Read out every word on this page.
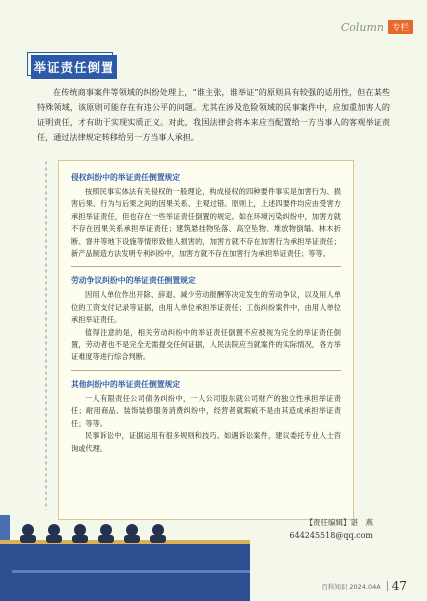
Column 专栏
举证责任倒置

在传统商事案件等领域的纠纷处理上，“谁主张，谁举证”的原则具有较强的适用性，但在某些特殊领域，该原则可能存在有违公平的问题。尤其在涉及危险领域的民事案件中，应加重加害人的证明责任，才有助于实现实质正义。对此，我国法律会将本来应当配置给一方当事人的客观举证责任，通过法律规定转移给另一方当事人承担。

侵权纠纷中的举证责任倒置规定

按照民事实体法有关侵权的一般理论，构成侵权的四种要件事实是加害行为、损害后果、行为与后果之间的因果关系、主观过错。原则上，上述四要件均应由受害方承担举证责任，但也存在一些举证责任倒置的规定。如在环境污染纠纷中，加害方就不存在因果关系承担举证责任；建筑悬挂物坠落、高空坠物、堆放物倒塌、林木折断、窨井等地下设施等情形致他人损害的，加害方就不存在加害行为承担举证责任；新产品制造方法发明专利纠纷中，加害方就不存在加害行为承担举证责任；等等。

劳动争议纠纷中的举证责任倒置规定

因用人单位作出开除、辞退、减少劳动报酬等决定发生的劳动争议，以及用人单位的工资支付记录等证据，由用人单位承担举证责任；工伤纠纷案件中，由用人单位承担举证责任。

值得注意的是，相关劳动纠纷中的举证责任倒置不应被视为完全的举证责任倒置，劳动者也不是完全无需提交任何证据，人民法院应当就案件的实际情况，各方举证难度等进行综合判断。

其他纠纷中的举证责任倒置规定

一人有限责任公司债务纠纷中，一人公司股东就公司财产的独立性承担举证责任；耐用商品、装饰装修服务消费纠纷中，经营者就瑕疵不是由其造成承担举证责任；等等。

民事诉讼中，证据运用有很多规则和技巧。如遇诉讼案件，建议委托专业人士咨询或代理。

【责任编辑】谌　燕
644245518@qq.com
百科知识 2024.04A 47
